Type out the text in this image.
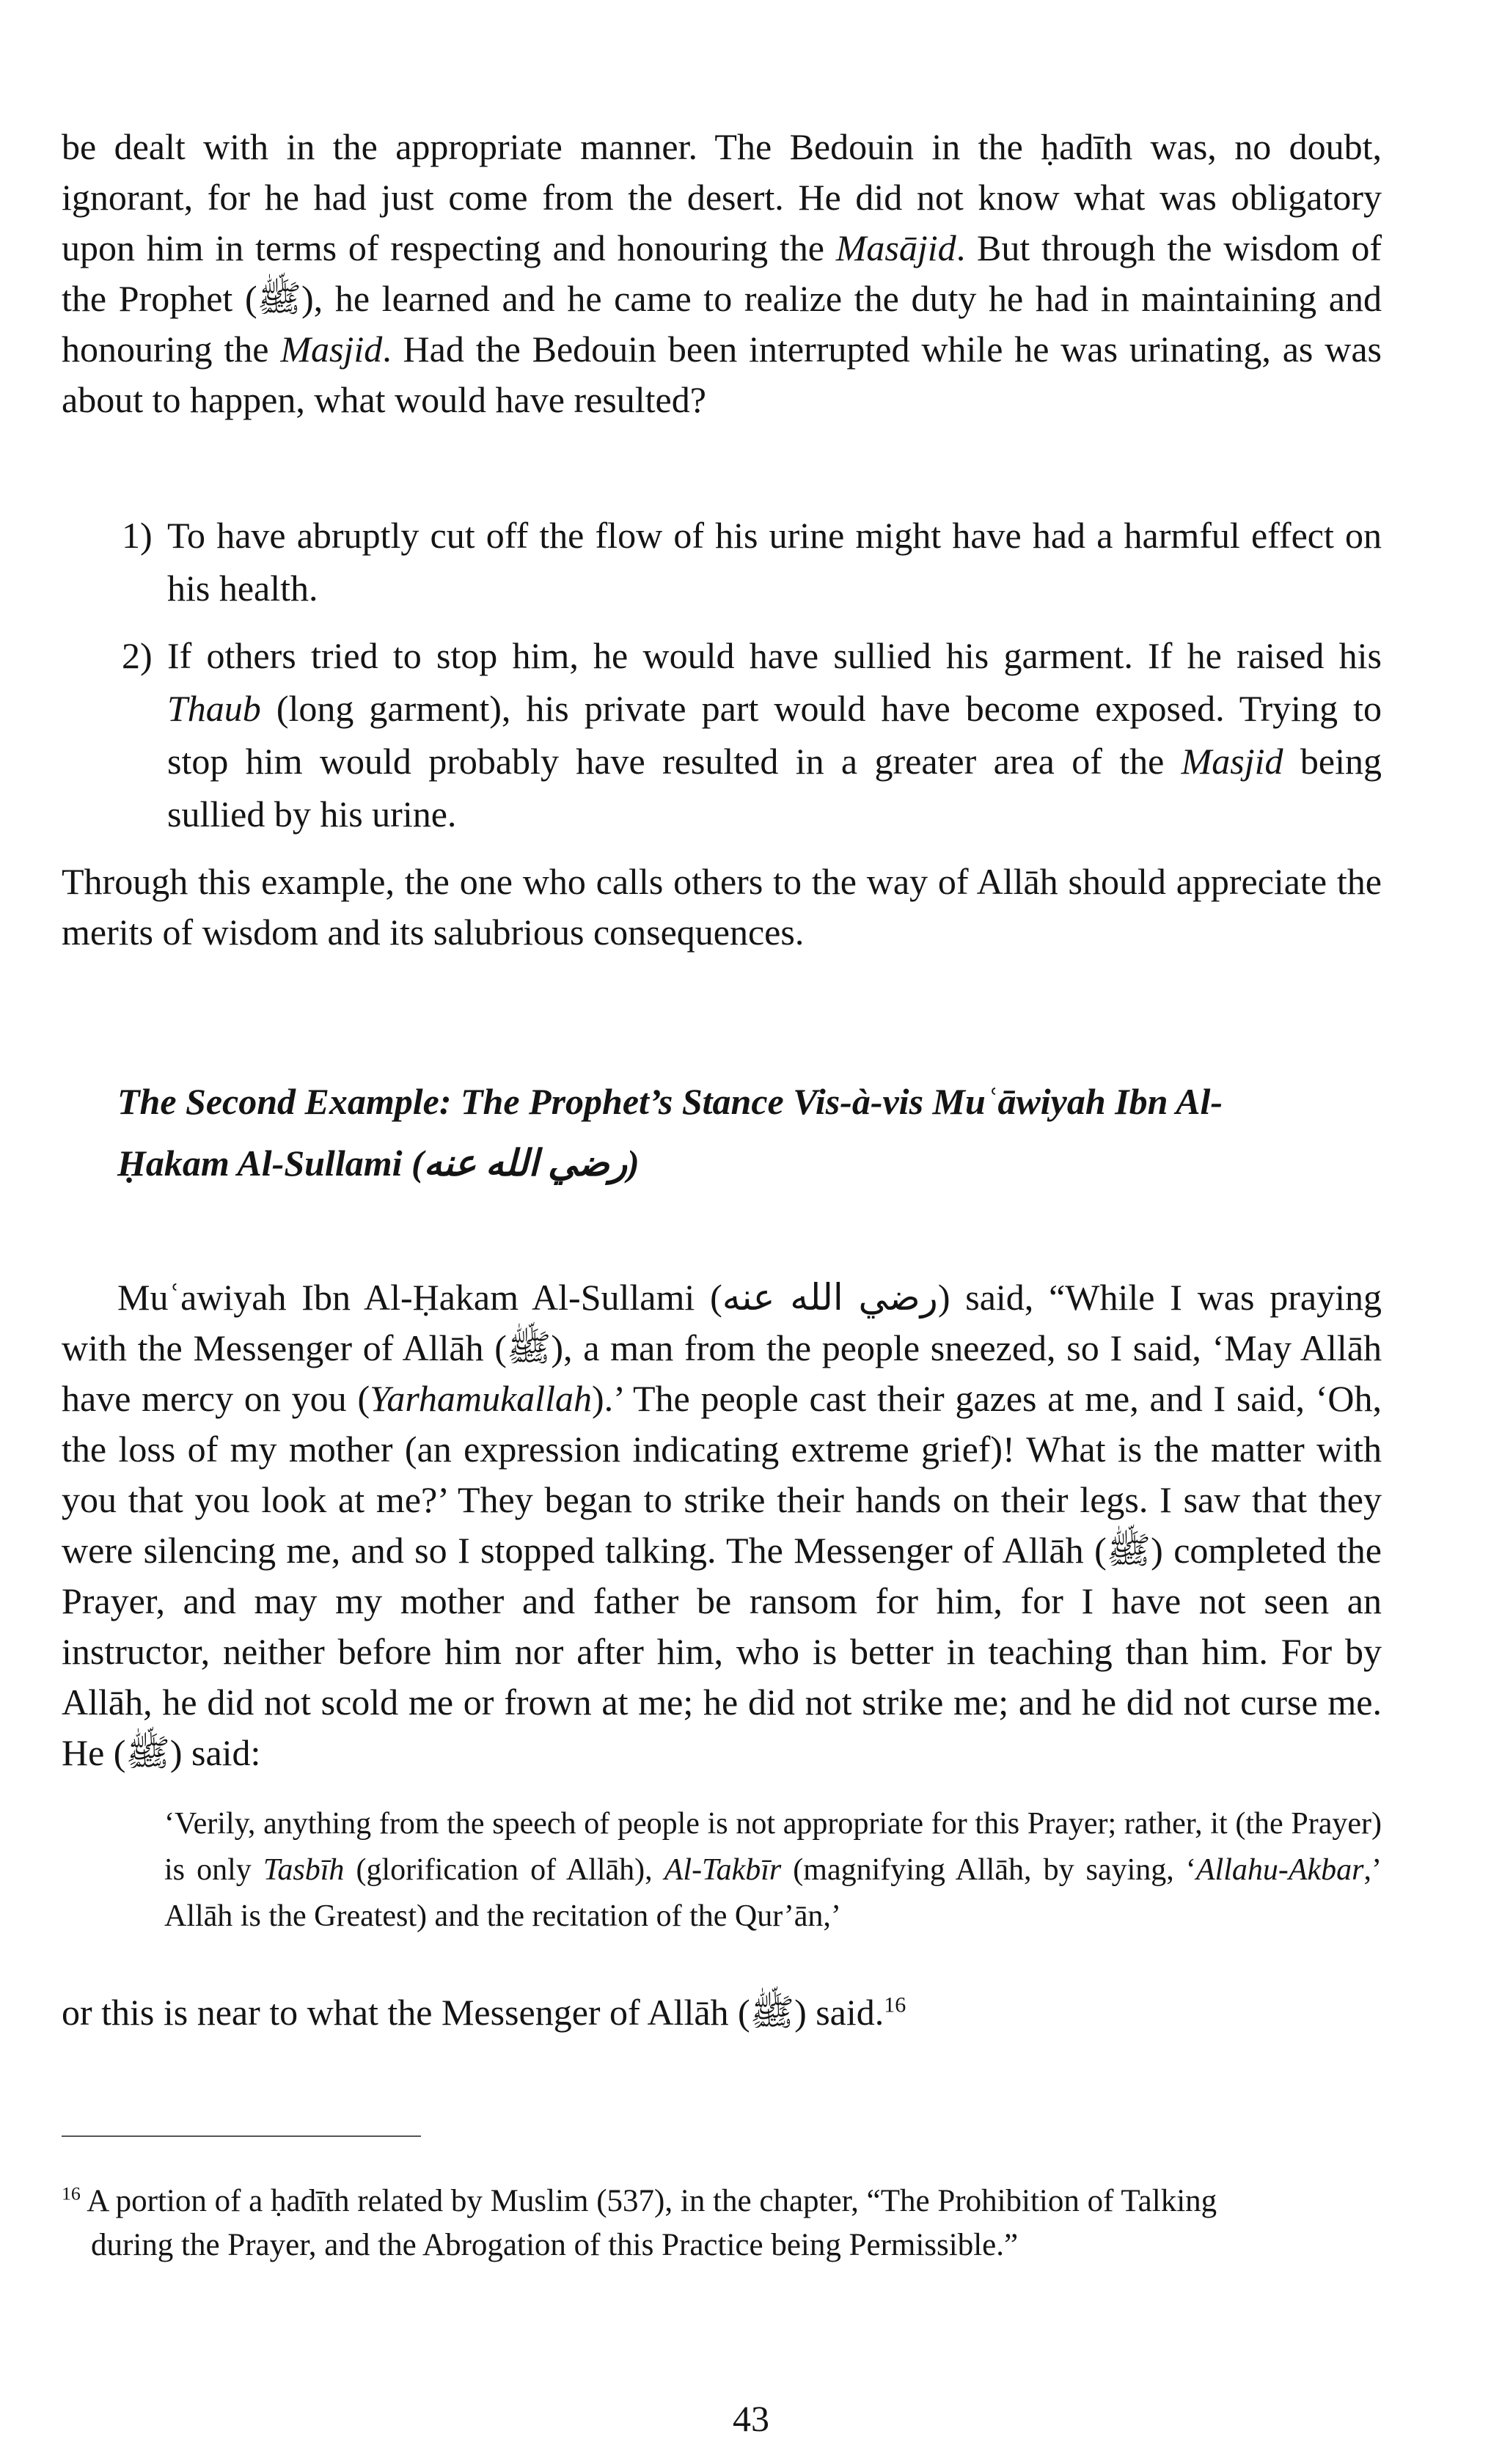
be dealt with in the appropriate manner. The Bedouin in the ḥadīth was, no doubt, ignorant, for he had just come from the desert. He did not know what was obligatory upon him in terms of respecting and honouring the Masājid. But through the wisdom of the Prophet (ﷺ), he learned and he came to realize the duty he had in maintaining and honouring the Masjid. Had the Bedouin been interrupted while he was urinating, as was about to happen, what would have resulted?

1) To have abruptly cut off the flow of his urine might have had a harmful effect on his health.
2) If others tried to stop him, he would have sullied his garment. If he raised his Thaub (long garment), his private part would have become exposed. Trying to stop him would probably have resulted in a greater area of the Masjid being sullied by his urine.

Through this example, the one who calls others to the way of Allāh should appreciate the merits of wisdom and its salubrious consequences.

The Second Example: The Prophet’s Stance Vis-à-vis Muʿāwiyah Ibn Al-Ḥakam Al-Sullami (رضي الله عنه)

Muʿawiyah Ibn Al-Ḥakam Al-Sullami (رضي الله عنه) said, “While I was praying with the Messenger of Allāh (ﷺ), a man from the people sneezed, so I said, ‘May Allāh have mercy on you (Yarhamukallah).’ The people cast their gazes at me, and I said, ‘Oh, the loss of my mother (an expression indicating extreme grief)! What is the matter with you that you look at me?’ They began to strike their hands on their legs. I saw that they were silencing me, and so I stopped talking. The Messenger of Allāh (ﷺ) completed the Prayer, and may my mother and father be ransom for him, for I have not seen an instructor, neither before him nor after him, who is better in teaching than him. For by Allāh, he did not scold me or frown at me; he did not strike me; and he did not curse me. He (ﷺ) said:

‘Verily, anything from the speech of people is not appropriate for this Prayer; rather, it (the Prayer) is only Tasbīh (glorification of Allāh), Al-Takbīr (magnifying Allāh, by saying, ‘Allahu-Akbar,’ Allāh is the Greatest) and the recitation of the Qur’ān,’

or this is near to what the Messenger of Allāh (ﷺ) said.$^{16}$

$^{16}$ A portion of a ḥadīth related by Muslim (537), in the chapter, “The Prohibition of Talking
during the Prayer, and the Abrogation of this Practice being Permissible.”

43
